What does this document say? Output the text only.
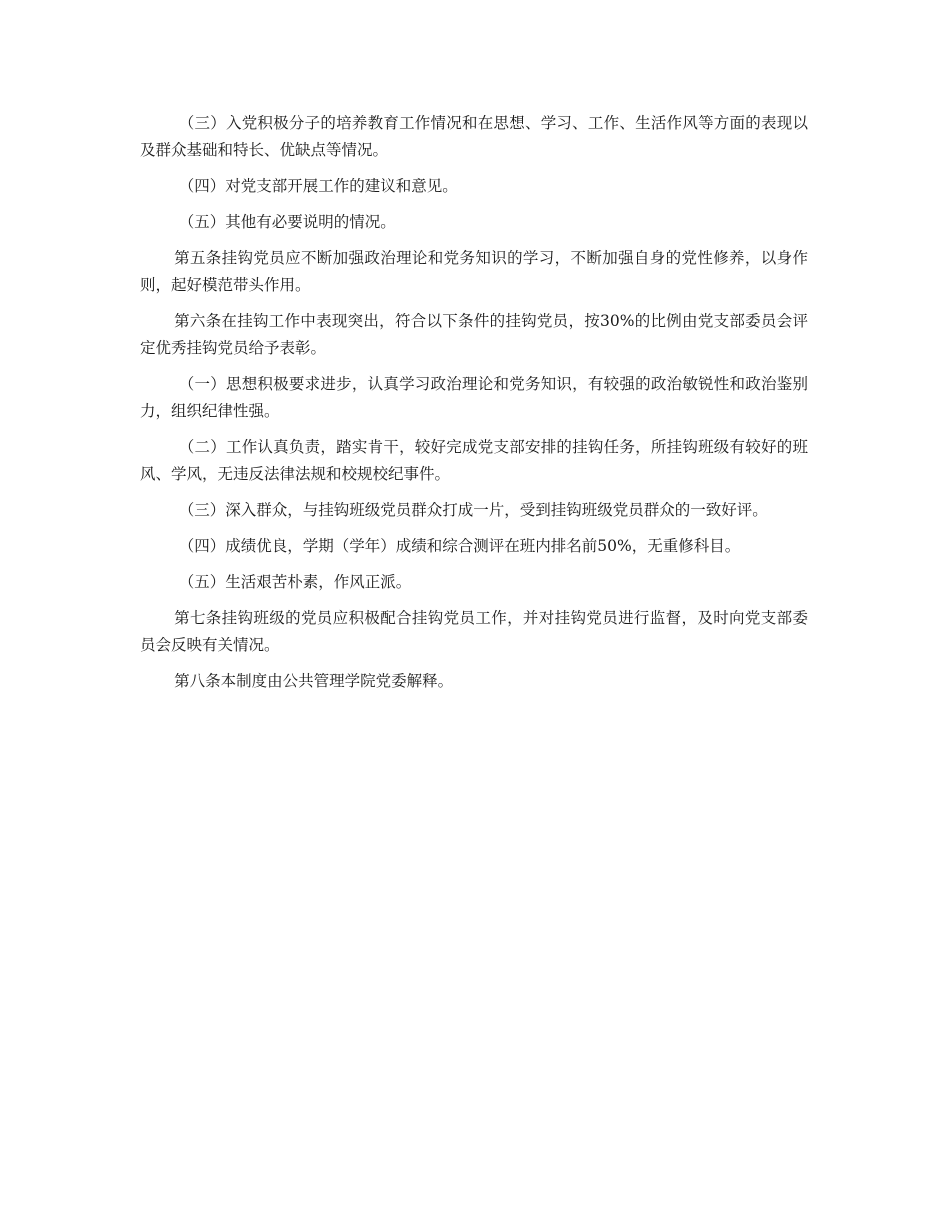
（三）入党积极分子的培养教育工作情况和在思想、学习、工作、生活作风等方面的表现以及群众基础和特长、优缺点等情况。

（四）对党支部开展工作的建议和意见。

（五）其他有必要说明的情况。

第五条挂钩党员应不断加强政治理论和党务知识的学习，不断加强自身的党性修养，以身作则，起好模范带头作用。

第六条在挂钩工作中表现突出，符合以下条件的挂钩党员，按30%的比例由党支部委员会评定优秀挂钩党员给予表彰。

（一）思想积极要求进步，认真学习政治理论和党务知识，有较强的政治敏锐性和政治鉴别力，组织纪律性强。

（二）工作认真负责，踏实肯干，较好完成党支部安排的挂钩任务，所挂钩班级有较好的班风、学风，无违反法律法规和校规校纪事件。

（三）深入群众，与挂钩班级党员群众打成一片，受到挂钩班级党员群众的一致好评。

（四）成绩优良，学期（学年）成绩和综合测评在班内排名前50%，无重修科目。

（五）生活艰苦朴素，作风正派。

第七条挂钩班级的党员应积极配合挂钩党员工作，并对挂钩党员进行监督，及时向党支部委员会反映有关情况。

第八条本制度由公共管理学院党委解释。
